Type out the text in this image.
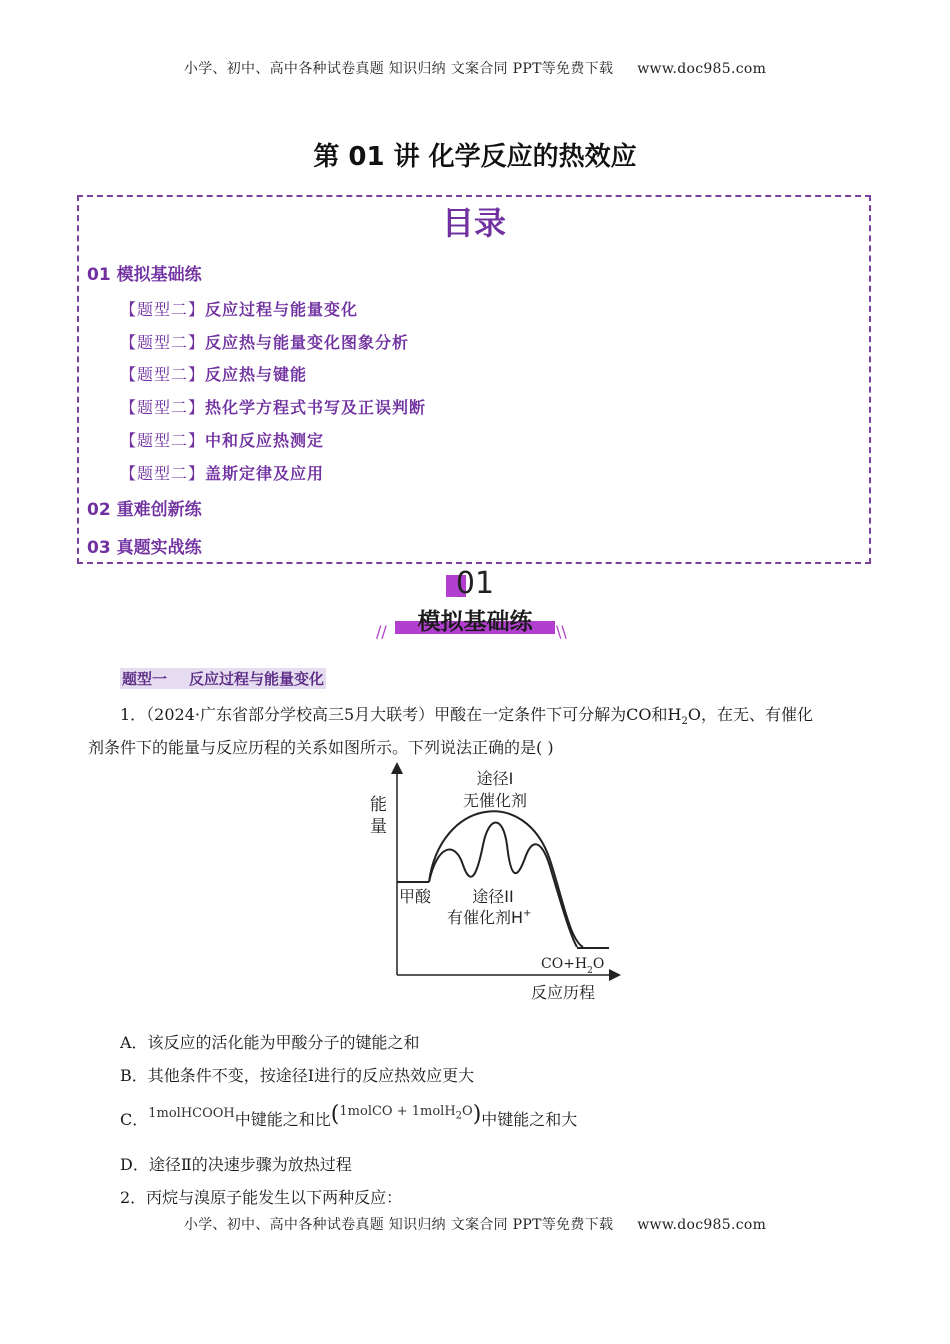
小学、初中、高中各种试卷真题 知识归纳 文案合同 PPT等免费下载 www.doc985.com
第 01 讲 化学反应的热效应
目录
01 模拟基础练
【题型二】反应过程与能量变化
【题型二】反应热与能量变化图象分析
【题型二】反应热与键能
【题型二】热化学方程式书写及正误判断
【题型二】中和反应热测定
【题型二】盖斯定律及应用
02 重难创新练
03 真题实战练
01
模拟基础练
//	\\
题型一 反应过程与能量变化
1．（2024·广东省部分学校高三5月大联考）甲酸在一定条件下可分解为CO和$H_2O$，在无、有催化
剂条件下的能量与反应历程的关系如图所示。下列说法正确的是( )
能
量
途径I
无催化剂
甲酸	途径II
有催化剂H+
$CO+H_2O$
反应历程
A．该反应的活化能为甲酸分子的键能之和
B．其他条件不变，按途径Ⅰ进行的反应热效应更大
C．1molHCOOH中键能之和比($^{1molCO + 1molH_2O}$)中键能之和大
D．途径Ⅱ的决速步骤为放热过程
2．丙烷与溴原子能发生以下两种反应：
小学、初中、高中各种试卷真题 知识归纳 文案合同 PPT等免费下载 www.doc985.com
